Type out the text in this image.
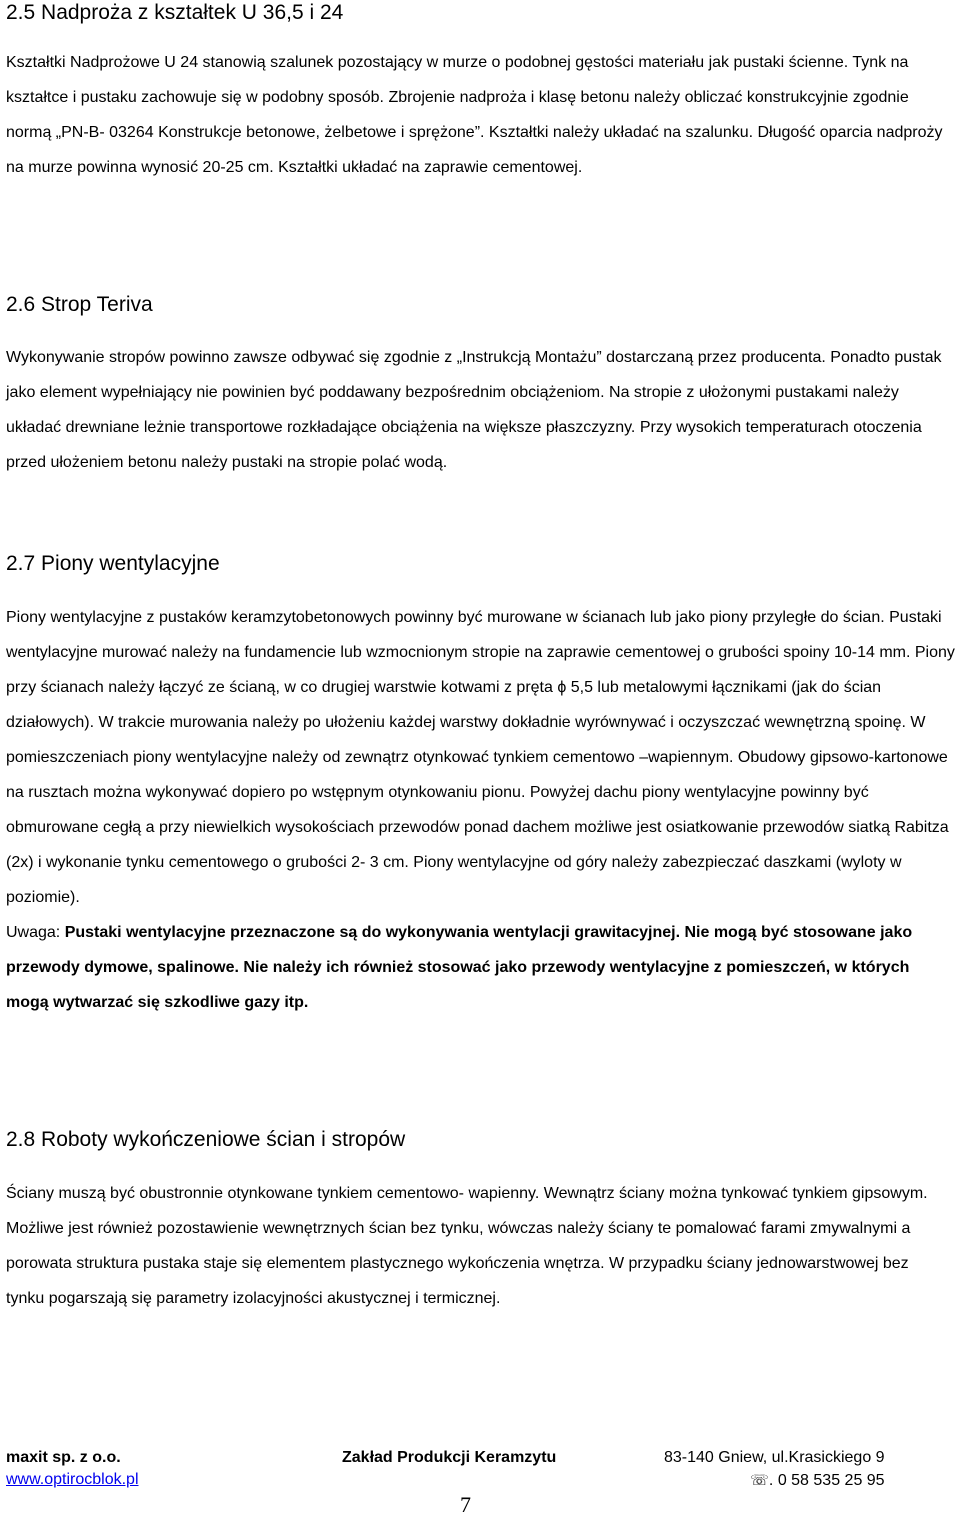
2.5 Nadproża z kształtek U 36,5 i 24

Kształtki Nadprożowe U 24 stanowią szalunek pozostający w murze o podobnej gęstości materiału jak pustaki ścienne. Tynk na kształtce i pustaku zachowuje się w podobny sposób. Zbrojenie nadproża i klasę betonu należy obliczać konstrukcyjnie zgodnie normą „PN-B- 03264 Konstrukcje betonowe, żelbetowe i sprężone”. Kształtki należy układać na szalunku. Długość oparcia nadproży na murze powinna wynosić 20-25 cm. Kształtki układać na zaprawie cementowej.

2.6 Strop Teriva

Wykonywanie stropów powinno zawsze odbywać się zgodnie z „Instrukcją Montażu” dostarczaną przez producenta. Ponadto pustak jako element wypełniający nie powinien być poddawany bezpośrednim obciążeniom. Na stropie z ułożonymi pustakami należy układać drewniane leżnie transportowe rozkładające obciążenia na większe płaszczyzny. Przy wysokich temperaturach otoczenia przed ułożeniem betonu należy pustaki na stropie polać wodą.

2.7 Piony wentylacyjne

Piony wentylacyjne z pustaków keramzytobetonowych powinny być murowane w ścianach lub jako piony przyległe do ścian. Pustaki wentylacyjne murować należy na fundamencie lub wzmocnionym stropie na zaprawie cementowej o grubości spoiny 10-14 mm. Piony przy ścianach należy łączyć ze ścianą, w co drugiej warstwie kotwami z pręta ϕ 5,5 lub metalowymi łącznikami (jak do ścian działowych). W trakcie murowania należy po ułożeniu każdej warstwy dokładnie wyrównywać i oczyszczać wewnętrzną spoinę. W pomieszczeniach piony wentylacyjne należy od zewnątrz otynkować tynkiem cementowo –wapiennym. Obudowy gipsowo-kartonowe na rusztach można wykonywać dopiero po wstępnym otynkowaniu pionu. Powyżej dachu piony wentylacyjne powinny być obmurowane cegłą a przy niewielkich wysokościach przewodów ponad dachem możliwe jest osiatkowanie przewodów siatką Rabitza (2x) i wykonanie tynku cementowego o grubości 2- 3 cm. Piony wentylacyjne od góry należy zabezpieczać daszkami (wyloty w poziomie).

Uwaga: Pustaki wentylacyjne przeznaczone są do wykonywania wentylacji grawitacyjnej. Nie mogą być stosowane jako przewody dymowe, spalinowe. Nie należy ich również stosować jako przewody wentylacyjne z pomieszczeń, w których mogą wytwarzać się szkodliwe gazy itp.

2.8 Roboty wykończeniowe ścian i stropów

Ściany muszą być obustronnie otynkowane tynkiem cementowo- wapienny. Wewnątrz ściany można tynkować tynkiem gipsowym. Możliwe jest również pozostawienie wewnętrznych ścian bez tynku, wówczas należy ściany te pomalować farami zmywalnymi a porowata struktura pustaka staje się elementem plastycznego wykończenia wnętrza. W przypadku ściany jednowarstwowej bez tynku pogarszają się parametry izolacyjności akustycznej i termicznej.

maxit sp. z o.o.
www.optirocblok.pl
Zakład Produkcji Keramzytu	83-140 Gniew, ul.Krasickiego 9
☏. 0 58 535 25 95
7
